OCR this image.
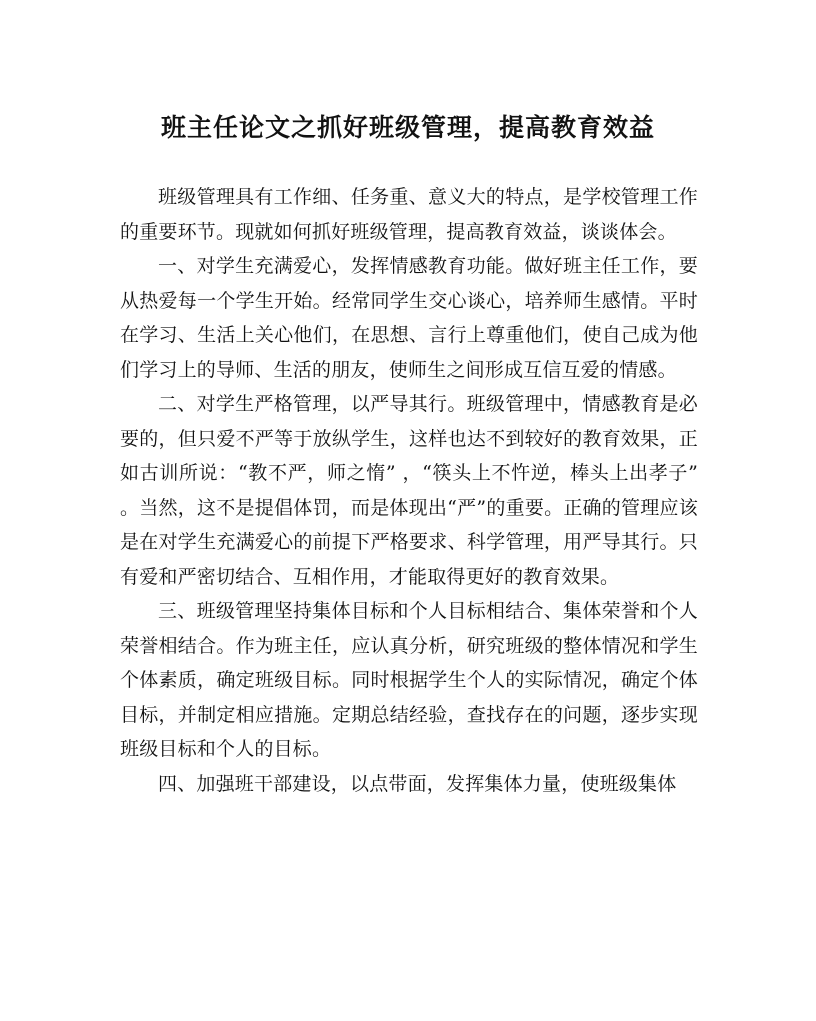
班主任论文之抓好班级管理，提高教育效益

班级管理具有工作细、任务重、意义大的特点，是学校管理工作的重要环节。现就如何抓好班级管理，提高教育效益，谈谈体会。

一、对学生充满爱心，发挥情感教育功能。做好班主任工作，要从热爱每一个学生开始。经常同学生交心谈心，培养师生感情。平时在学习、生活上关心他们，在思想、言行上尊重他们，使自己成为他们学习上的导师、生活的朋友，使师生之间形成互信互爱的情感。

二、对学生严格管理，以严导其行。班级管理中，情感教育是必要的，但只爱不严等于放纵学生，这样也达不到较好的教育效果，正如古训所说：“教不严，师之惰” ，“筷头上不忤逆，棒头上出孝子” 。当然，这不是提倡体罚，而是体现出“严”的重要。正确的管理应该是在对学生充满爱心的前提下严格要求、科学管理，用严导其行。只有爱和严密切结合、互相作用，才能取得更好的教育效果。

三、班级管理坚持集体目标和个人目标相结合、集体荣誉和个人荣誉相结合。作为班主任，应认真分析，研究班级的整体情况和学生个体素质，确定班级目标。同时根据学生个人的实际情况，确定个体目标，并制定相应措施。定期总结经验，查找存在的问题，逐步实现班级目标和个人的目标。

四、加强班干部建设，以点带面，发挥集体力量，使班级集体
